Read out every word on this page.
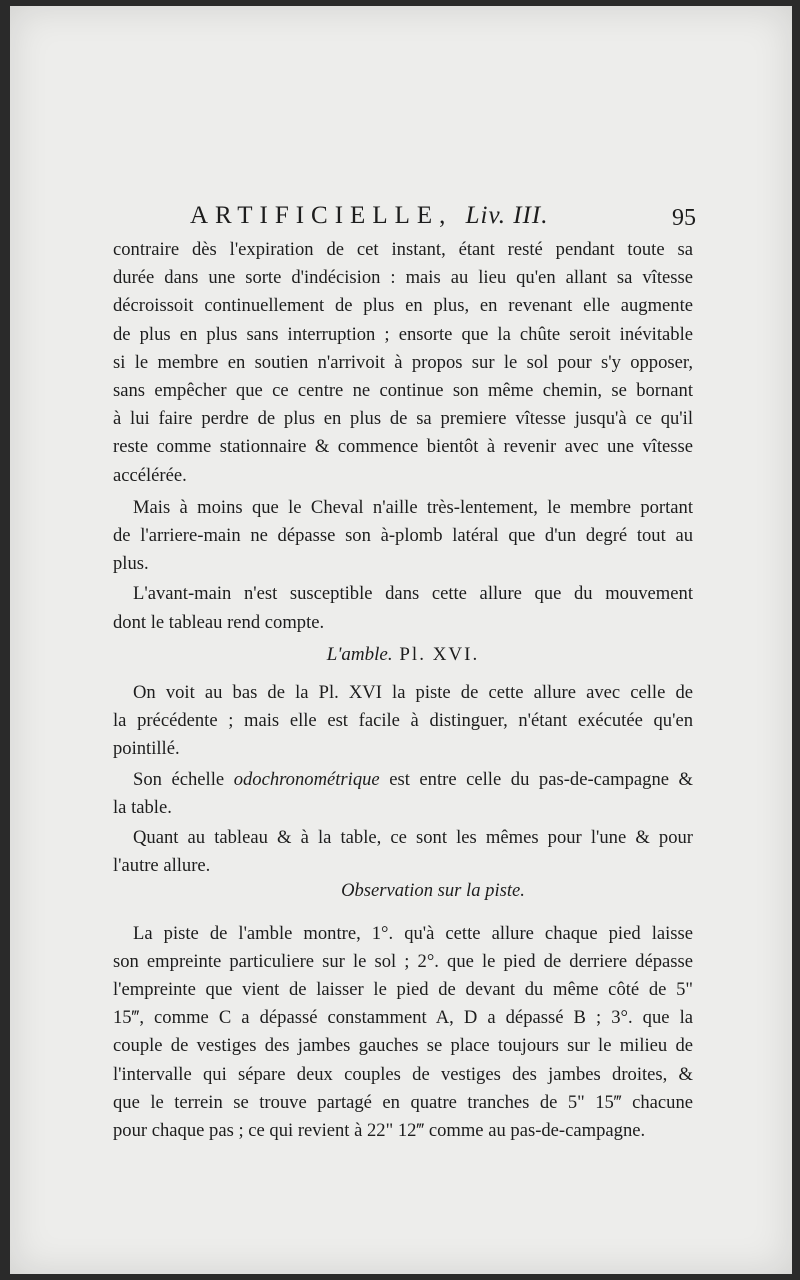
ARTIFICIELLE, Liv. III.	95

contraire dès l'expiration de cet instant, étant resté pendant toute sa

durée dans une sorte d'indécision : mais au lieu qu'en allant sa vîtesse

décroissoit continuellement de plus en plus, en revenant elle augmente

de plus en plus sans interruption ; ensorte que la chûte seroit inévitable

si le membre en soutien n'arrivoit à propos sur le sol pour s'y opposer,

sans empêcher que ce centre ne continue son même chemin, se bornant

à lui faire perdre de plus en plus de sa premiere vîtesse jusqu'à ce qu'il

reste comme stationnaire & commence bientôt à revenir avec une vîtesse

accélérée.

Mais à moins que le Cheval n'aille très-lentement, le membre portant

de l'arriere-main ne dépasse son à-plomb latéral que d'un degré tout au

plus.

L'avant-main n'est susceptible dans cette allure que du mouvement

dont le tableau rend compte.

L'amble. Pl. XVI.

On voit au bas de la Pl. XVI la piste de cette allure avec celle de

la précédente ; mais elle est facile à distinguer, n'étant exécutée qu'en

pointillé.

Son échelle odochronométrique est entre celle du pas-de-campagne &

la table.

Quant au tableau & à la table, ce sont les mêmes pour l'une & pour

l'autre allure.

Observation sur la piste.

La piste de l'amble montre, 1°. qu'à cette allure chaque pied laisse

son empreinte particuliere sur le sol ; 2°. que le pied de derriere dépasse

l'empreinte que vient de laisser le pied de devant du même côté de 5"

15‴, comme C a dépassé constamment A, D a dépassé B ; 3°. que la

couple de vestiges des jambes gauches se place toujours sur le milieu de

l'intervalle qui sépare deux couples de vestiges des jambes droites, &

que le terrein se trouve partagé en quatre tranches de 5" 15‴ chacune

pour chaque pas ; ce qui revient à 22" 12‴ comme au pas-de-campagne.
